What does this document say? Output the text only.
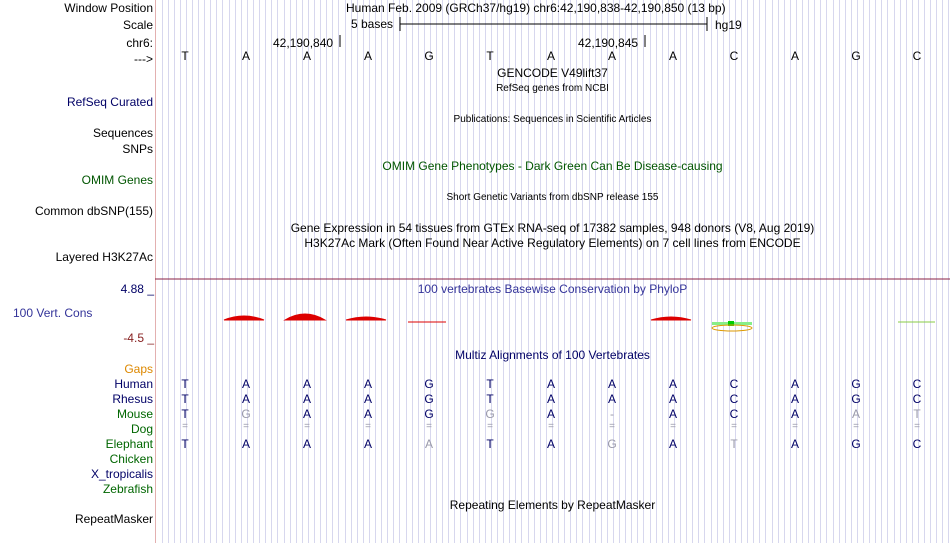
Window Position	Human Feb. 2009 (GRCh37/hg19) chr6:42,190,838-42,190,850 (13 bp)
Scale	5 bases	hg19
chr6:	42,190,840	42,190,845
--->	T	A	A	A	G	T	A	A	A	C	A	G	C
GENCODE V49lift37
RefSeq genes from NCBI
RefSeq Curated
Publications: Sequences in Scientific Articles
Sequences
SNPs
OMIM Gene Phenotypes - Dark Green Can Be Disease-causing
OMIM Genes
Short Genetic Variants from dbSNP release 155
Common dbSNP(155)
Gene Expression in 54 tissues from GTEx RNA-seq of 17382 samples, 948 donors (V8, Aug 2019)
H3K27Ac Mark (Often Found Near Active Regulatory Elements) on 7 cell lines from ENCODE
Layered H3K27Ac
4.88 _	100 vertebrates Basewise Conservation by PhyloP
100 Vert. Cons
-4.5 _
Multiz Alignments of 100 Vertebrates
Gaps
Human	T	A	A	A	G	T	A	A	A	C	A	G	C
Rhesus	T	A	A	A	G	T	A	A	A	C	A	G	C
Mouse	T	G	A	A	G	G	A	-	A	C	A	A	T
Dog	=	=	=	=	=	=	=	=	=	=	=	=	=
Elephant	T	A	A	A	A	T	A	G	A	T	A	G	C
Chicken
X_tropicalis
Zebrafish
Repeating Elements by RepeatMasker
RepeatMasker
